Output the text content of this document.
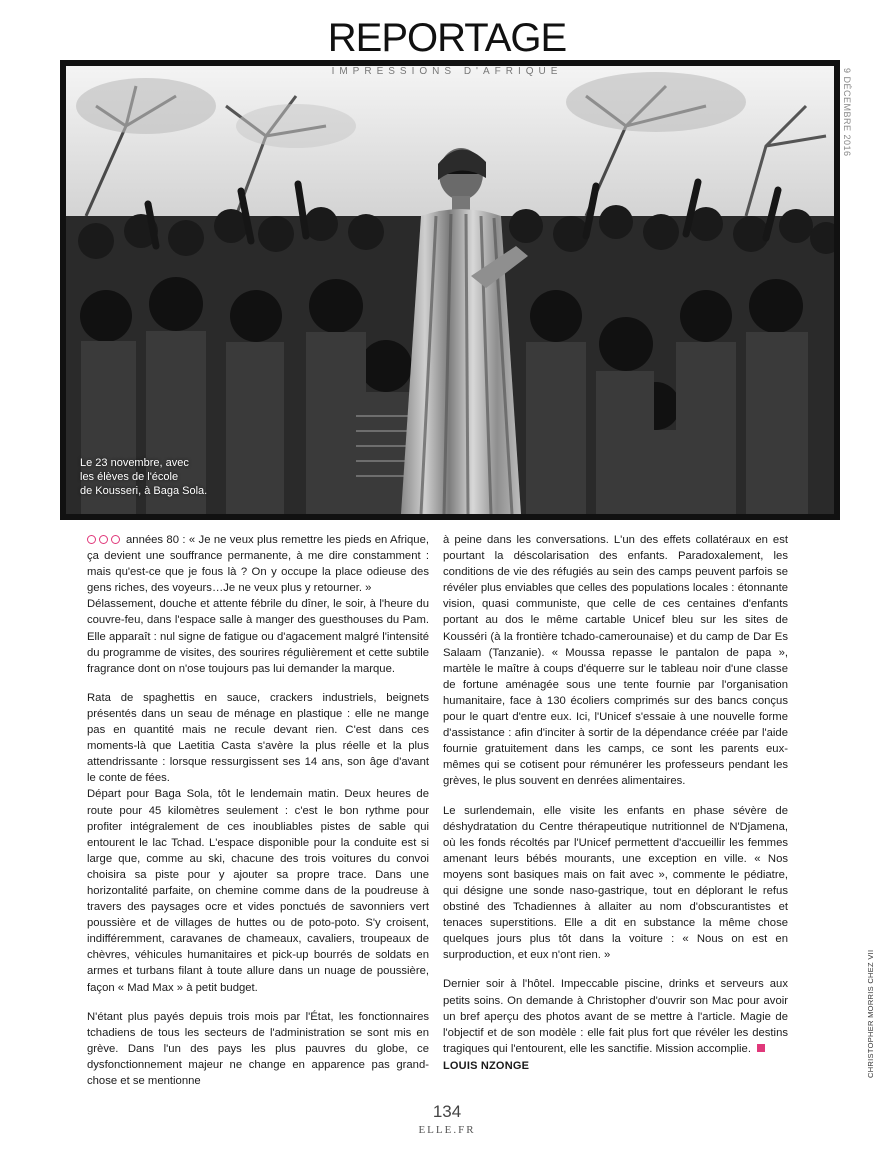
REPORTAGE
IMPRESSIONS D'AFRIQUE
Le 23 novembre, avec
les élèves de l'école
de Kousseri, à Baga Sola.
9 DÉCEMBRE 2016

années 80 : « Je ne veux plus remettre les pieds en Afrique, ça devient une souffrance permanente, à me dire constamment : mais qu'est-ce que je fous là ? On y occupe la place odieuse des gens riches, des voyeurs…Je ne veux plus y retourner. »

Délassement, douche et attente fébrile du dîner, le soir, à l'heure du couvre-feu, dans l'espace salle à manger des guesthouses du Pam. Elle apparaît : nul signe de fatigue ou d'agacement malgré l'intensité du programme de visites, des sourires régulièrement et cette subtile fragrance dont on n'ose toujours pas lui demander la marque.

Rata de spaghettis en sauce, crackers industriels, beignets présentés dans un seau de ménage en plastique : elle ne mange pas en quantité mais ne recule devant rien. C'est dans ces moments-là que Laetitia Casta s'avère la plus réelle et la plus attendrissante : lorsque ressurgissent ses 14 ans, son âge d'avant le conte de fées.

Départ pour Baga Sola, tôt le lendemain matin. Deux heures de route pour 45 kilomètres seulement : c'est le bon rythme pour profiter intégralement de ces inoubliables pistes de sable qui entourent le lac Tchad. L'espace disponible pour la conduite est si large que, comme au ski, chacune des trois voitures du convoi choisira sa piste pour y ajouter sa propre trace. Dans une horizontalité parfaite, on chemine comme dans de la poudreuse à travers des paysages ocre et vides ponctués de savonniers vert poussière et de villages de huttes ou de poto-poto. S'y croisent, indifféremment, caravanes de chameaux, cavaliers, troupeaux de chèvres, véhicules humanitaires et pick-up bourrés de soldats en armes et turbans filant à toute allure dans un nuage de poussière, façon « Mad Max » à petit budget.

N'étant plus payés depuis trois mois par l'État, les fonctionnaires tchadiens de tous les secteurs de l'administration se sont mis en grève. Dans l'un des pays les plus pauvres du globe, ce dysfonctionnement majeur ne change en apparence pas grand-chose et se mentionne

à peine dans les conversations. L'un des effets collatéraux en est pourtant la déscolarisation des enfants. Paradoxalement, les conditions de vie des réfugiés au sein des camps peuvent parfois se révéler plus enviables que celles des populations locales : étonnante vision, quasi communiste, que celle de ces centaines d'enfants portant au dos le même cartable Unicef bleu sur les sites de Kousséri (à la frontière tchado-camerounaise) et du camp de Dar Es Salaam (Tanzanie). « Moussa repasse le pantalon de papa », martèle le maître à coups d'équerre sur le tableau noir d'une classe de fortune aménagée sous une tente fournie par l'organisation humanitaire, face à 130 écoliers comprimés sur des bancs conçus pour le quart d'entre eux. Ici, l'Unicef s'essaie à une nouvelle forme d'assistance : afin d'inciter à sortir de la dépendance créée par l'aide fournie gratuitement dans les camps, ce sont les parents eux-mêmes qui se cotisent pour rémunérer les professeurs pendant les grèves, le plus souvent en denrées alimentaires.

Le surlendemain, elle visite les enfants en phase sévère de déshydratation du Centre thérapeutique nutritionnel de N'Djamena, où les fonds récoltés par l'Unicef permettent d'accueillir les femmes amenant leurs bébés mourants, une exception en ville. « Nos moyens sont basiques mais on fait avec », commente le pédiatre, qui désigne une sonde naso-gastrique, tout en déplorant le refus obstiné des Tchadiennes à allaiter au nom d'obscurantistes et tenaces superstitions. Elle a dit en substance la même chose quelques jours plus tôt dans la voiture : « Nous on est en surproduction, et eux n'ont rien. »

Dernier soir à l'hôtel. Impeccable piscine, drinks et serveurs aux petits soins. On demande à Christopher d'ouvrir son Mac pour avoir un bref aperçu des photos avant de se mettre à l'article. Magie de l'objectif et de son modèle : elle fait plus fort que révéler les destins tragiques qui l'entourent, elle les sanctifie. Mission accomplie.

LOUIS NZONGE	CHRISTOPHER MORRIS CHEZ VII
134
ELLE.FR
